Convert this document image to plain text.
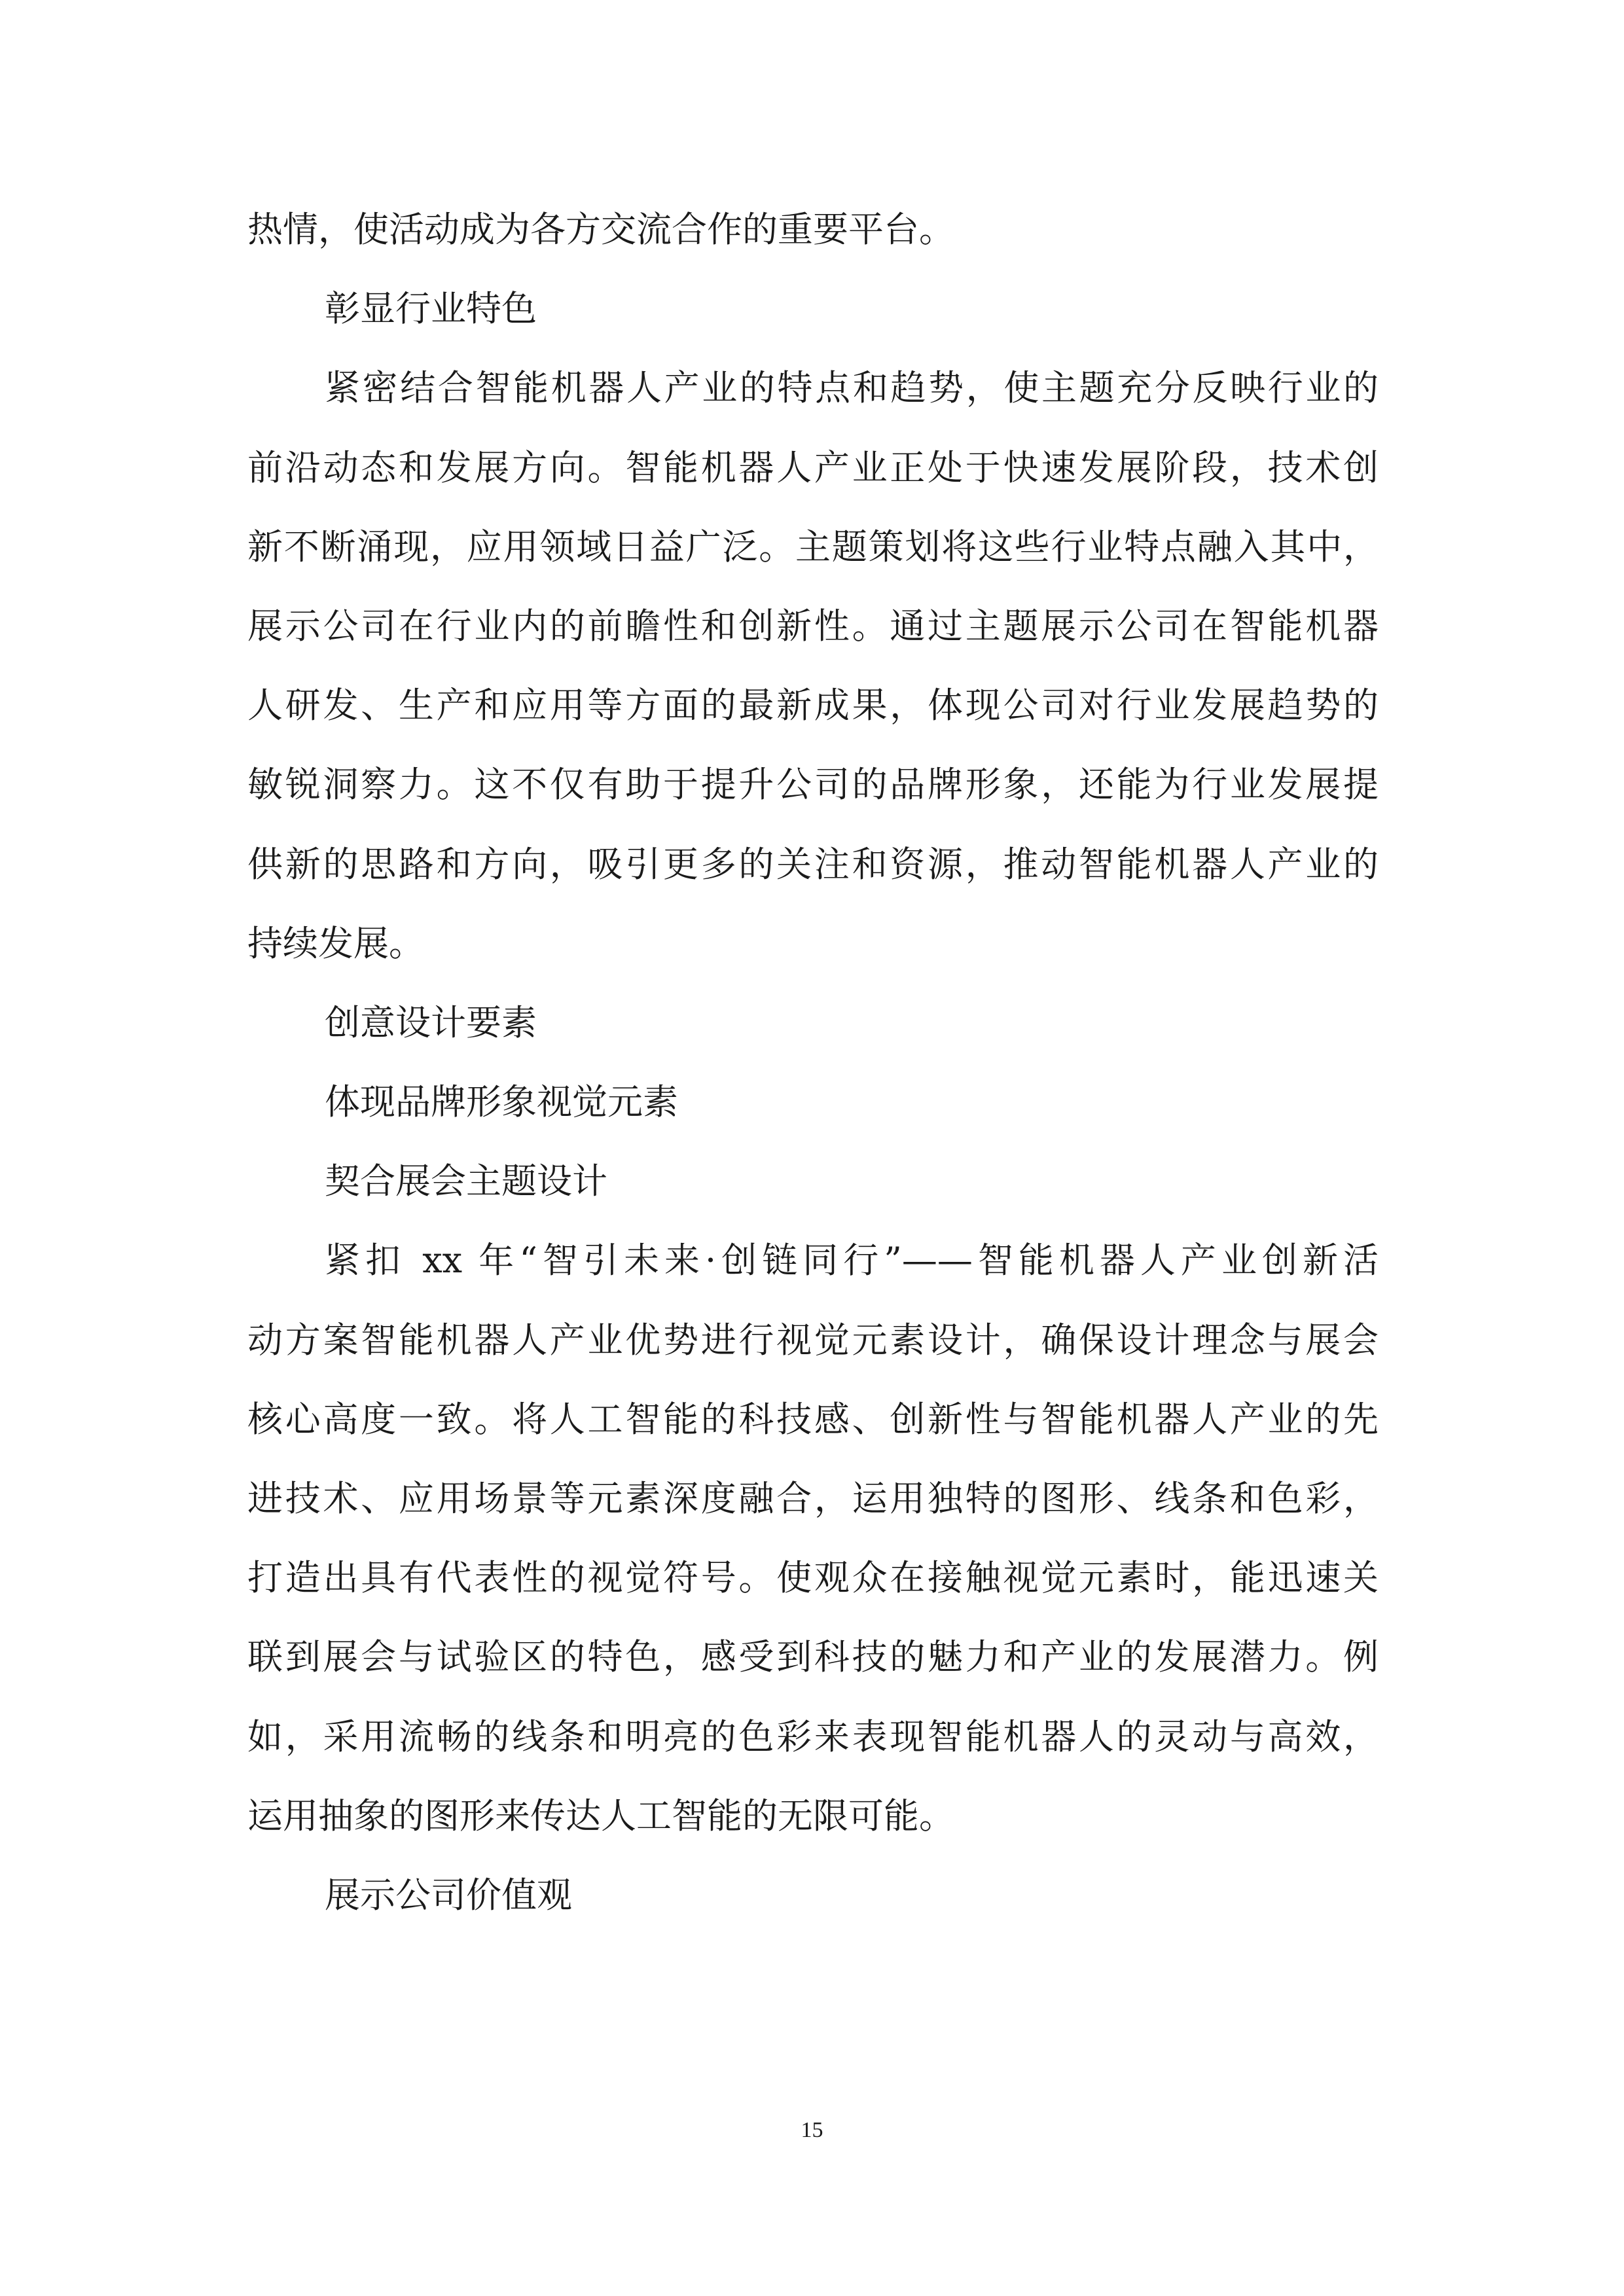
热情，使活动成为各方交流合作的重要平台。
彰显行业特色
紧密结合智能机器人产业的特点和趋势，使主题充分反映行业的
前沿动态和发展方向。智能机器人产业正处于快速发展阶段，技术创
新不断涌现，应用领域日益广泛。主题策划将这些行业特点融入其中，
展示公司在行业内的前瞻性和创新性。通过主题展示公司在智能机器
人研发、生产和应用等方面的最新成果，体现公司对行业发展趋势的
敏锐洞察力。这不仅有助于提升公司的品牌形象，还能为行业发展提
供新的思路和方向，吸引更多的关注和资源，推动智能机器人产业的
持续发展。
创意设计要素
体现品牌形象视觉元素
契合展会主题设计
紧扣 xx 年“智引未来·创链同行”——智能机器人产业创新活
动方案智能机器人产业优势进行视觉元素设计，确保设计理念与展会
核心高度一致。将人工智能的科技感、创新性与智能机器人产业的先
进技术、应用场景等元素深度融合，运用独特的图形、线条和色彩，
打造出具有代表性的视觉符号。使观众在接触视觉元素时，能迅速关
联到展会与试验区的特色，感受到科技的魅力和产业的发展潜力。例
如，采用流畅的线条和明亮的色彩来表现智能机器人的灵动与高效，
运用抽象的图形来传达人工智能的无限可能。
展示公司价值观
15
